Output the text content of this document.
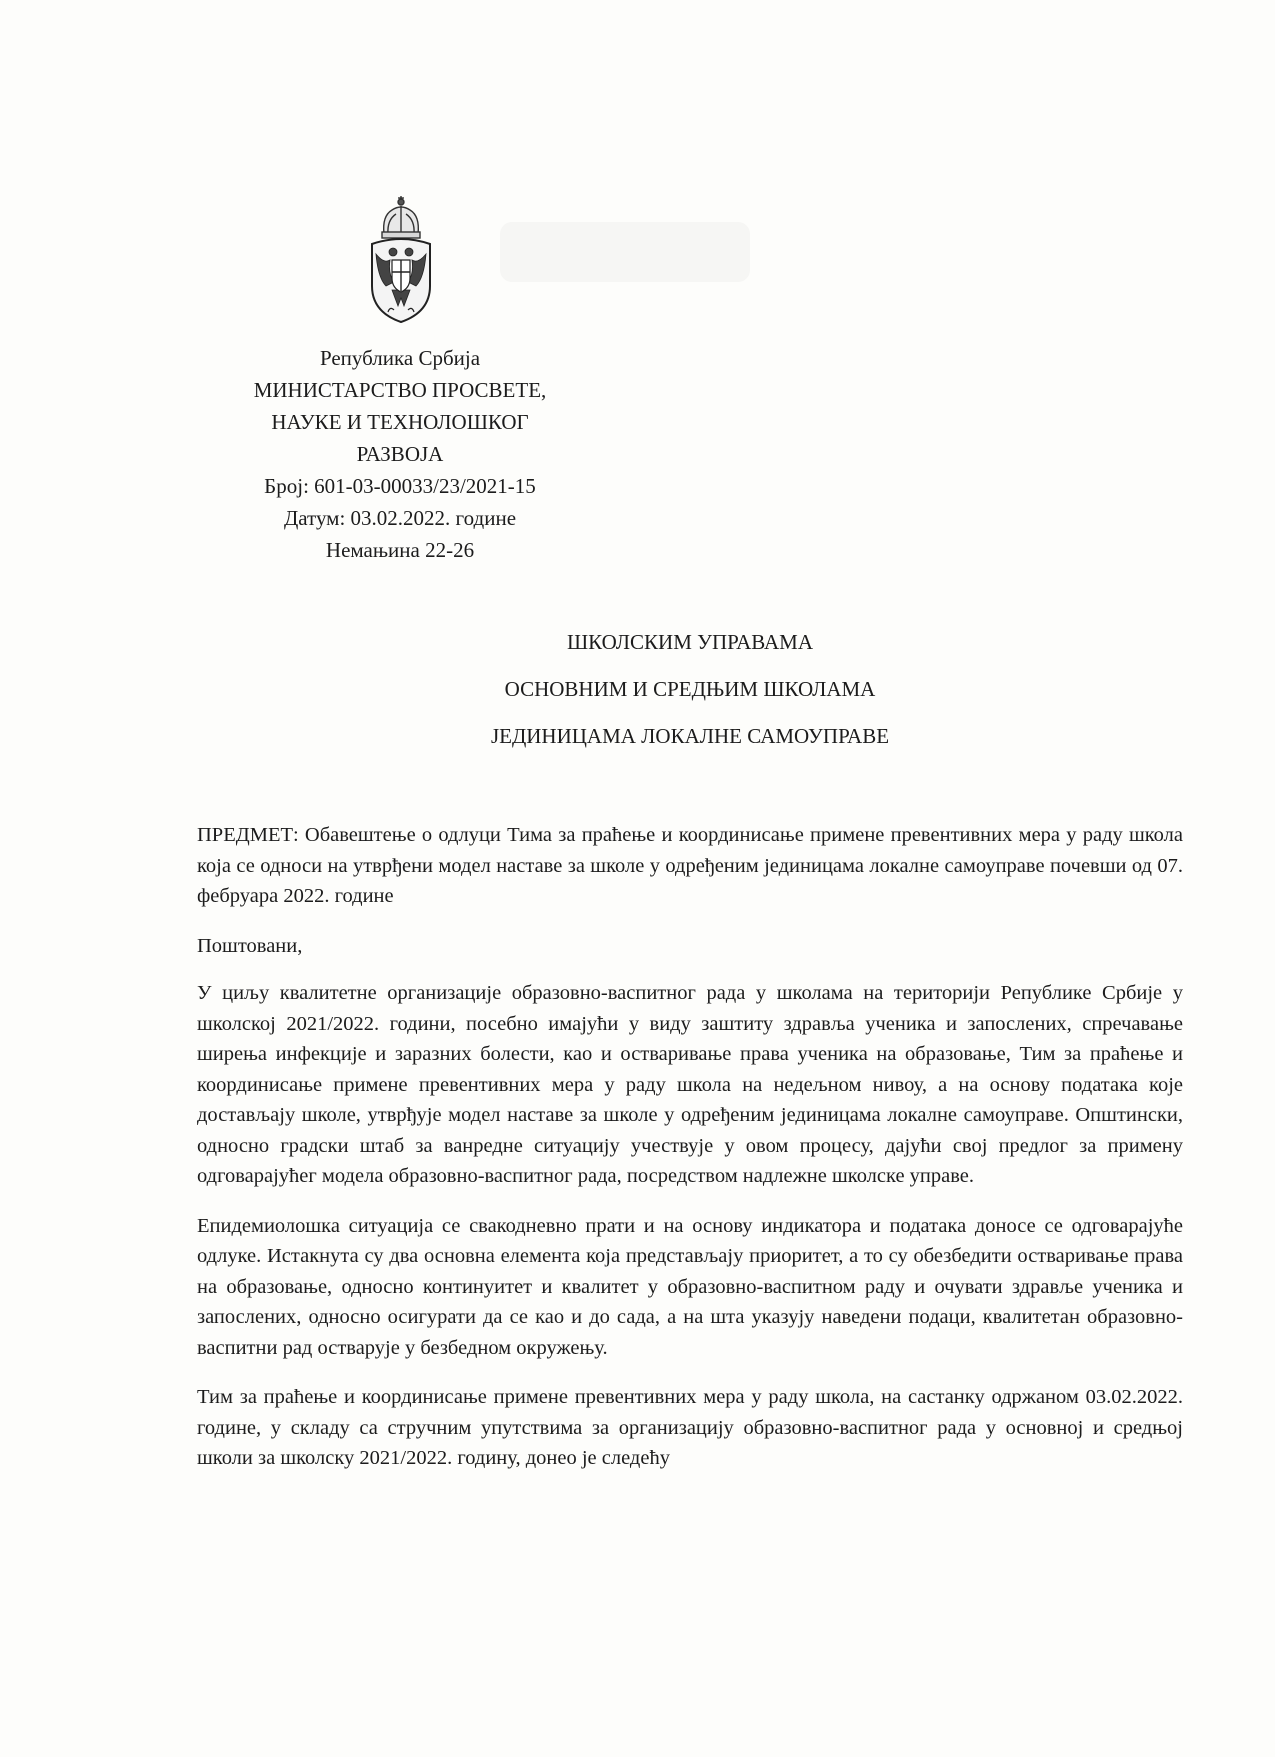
Република Србија
МИНИСТАРСТВО ПРОСВЕТЕ,
НАУКЕ И ТЕХНОЛОШКОГ
РАЗВОЈА
Број: 601-03-00033/23/2021-15
Датум: 03.02.2022. године
Немањина 22-26
ШКОЛСКИМ УПРАВАМА
ОСНОВНИМ И СРЕДЊИМ ШКОЛАМА
ЈЕДИНИЦАМА ЛОКАЛНЕ САМОУПРАВЕ

ПРЕДМЕТ: Обавештење о одлуци Тима за праћење и координисање примене превентивних мера у раду школа која се односи на утврђени модел наставе за школе у одређеним јединицама локалне самоуправе почевши од 07. фебруара 2022. године

Поштовани,

У циљу квалитетне организације образовно-васпитног рада у школама на територији Републике Србије у школској 2021/2022. години, посебно имајући у виду заштиту здравља ученика и запослених, спречавање ширења инфекције и заразних болести, као и остваривање права ученика на образовање, Тим за праћење и координисање примене превентивних мера у раду школа на недељном нивоу, а на основу података које достављају школе, утврђује модел наставе за школе у одређеним јединицама локалне самоуправе. Општински, односно градски штаб за ванредне ситуацију учествује у овом процесу, дајући свој предлог за примену одговарајућег модела образовно-васпитног рада, посредством надлежне школске управе.

Епидемиолошка ситуација се свакодневно прати и на основу индикатора и података доносе се одговарајуће одлуке. Истакнута су два основна елемента која представљају приоритет, а то су обезбедити остваривање права на образовање, односно континуитет и квалитет у образовно-васпитном раду и очувати здравље ученика и запослених, односно осигурати да се као и до сада, а на шта указују наведени подаци, квалитетан образовно-васпитни рад остварује у безбедном окружењу.

Тим за праћење и координисање примене превентивних мера у раду школа, на састанку одржаном 03.02.2022. године, у складу са стручним упутствима за организацију образовно-васпитног рада у основној и средњој школи за школску 2021/2022. годину, донео је следећу
